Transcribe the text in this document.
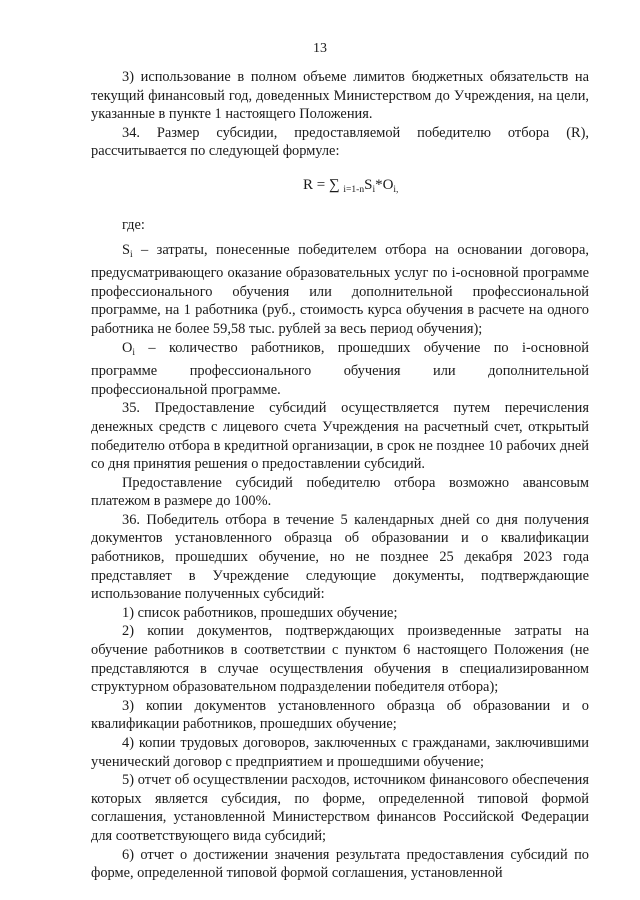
13

3) использование в полном объеме лимитов бюджетных обязательств на текущий финансовый год, доведенных Министерством до Учреждения, на цели, указанные в пункте 1 настоящего Положения.

34. Размер субсидии, предоставляемой победителю отбора (R), рассчитывается по следующей формуле:

R = ∑ $_{i=1-n}S_i*O_{i,}$

где:

$S_i$ – затраты, понесенные победителем отбора на основании договора, предусматривающего оказание образовательных услуг по i-основной программе профессионального обучения или дополнительной профессиональной программе, на 1 работника (руб., стоимость курса обучения в расчете на одного работника не более 59,58 тыс. рублей за весь период обучения);

$O_i$ – количество работников, прошедших обучение по i-основной программе профессионального обучения или дополнительной профессиональной программе.

35. Предоставление субсидий осуществляется путем перечисления денежных средств с лицевого счета Учреждения на расчетный счет, открытый победителю отбора в кредитной организации, в срок не позднее 10 рабочих дней со дня принятия решения о предоставлении субсидий.

Предоставление субсидий победителю отбора возможно авансовым платежом в размере до 100%.

36. Победитель отбора в течение 5 календарных дней со дня получения документов установленного образца об образовании и о квалификации работников, прошедших обучение, но не позднее 25 декабря 2023 года представляет в Учреждение следующие документы, подтверждающие использование полученных субсидий:

1) список работников, прошедших обучение;

2) копии документов, подтверждающих произведенные затраты на обучение работников в соответствии с пунктом 6 настоящего Положения (не представляются в случае осуществления обучения в специализированном структурном образовательном подразделении победителя отбора);

3) копии документов установленного образца об образовании и о квалификации работников, прошедших обучение;

4) копии трудовых договоров, заключенных с гражданами, заключившими ученический договор с предприятием и прошедшими обучение;

5) отчет об осуществлении расходов, источником финансового обеспечения которых является субсидия, по форме, определенной типовой формой соглашения, установленной Министерством финансов Российской Федерации для соответствующего вида субсидий;

6) отчет о достижении значения результата предоставления субсидий по форме, определенной типовой формой соглашения, установленной
